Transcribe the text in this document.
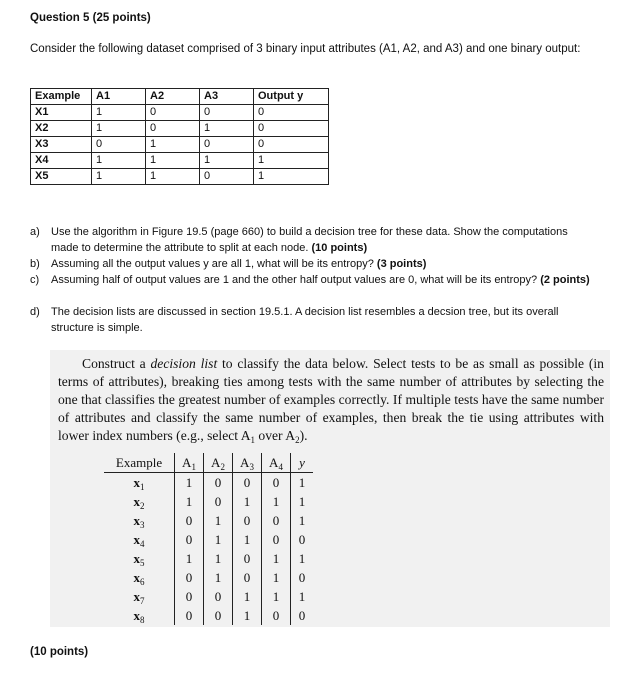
Question 5 (25 points)
Consider the following dataset comprised of 3 binary input attributes (A1, A2, and A3) and one binary output:
Example	A1	A2	A3	Output y
X1	1	0	0	0
X2	1	0	1	0
X3	0	1	0	0
X4	1	1	1	1
X5	1	1	0	1
a) Use the algorithm in Figure 19.5 (page 660) to build a decision tree for these data. Show the computations made to determine the attribute to split at each node. (10 points)
b) Assuming all the output values y are all 1, what will be its entropy? (3 points)
c) Assuming half of output values are 1 and the other half output values are 0, what will be its entropy? (2 points)
d) The decision lists are discussed in section 19.5.1. A decision list resembles a decsion tree, but its overall structure is simple.
Construct a decision list to classify the data below. Select tests to be as small as possible (in terms of attributes), breaking ties among tests with the same number of attributes by selecting the one that classifies the greatest number of examples correctly. If multiple tests have the same number of attributes and classify the same number of examples, then break the tie using attributes with lower index numbers (e.g., select $A_1$ over $A_2$).
Example	$A_1$	$A_2$	$A_3$	$A_4$	y
$x_1$	1	0	0	0	1
$x_2$	1	0	1	1	1
$x_3$	0	1	0	0	1
$x_4$	0	1	1	0	0
$x_5$	1	1	0	1	1
$x_6$	0	1	0	1	0
$x_7$	0	0	1	1	1
$x_8$	0	0	1	0	0
(10 points)
